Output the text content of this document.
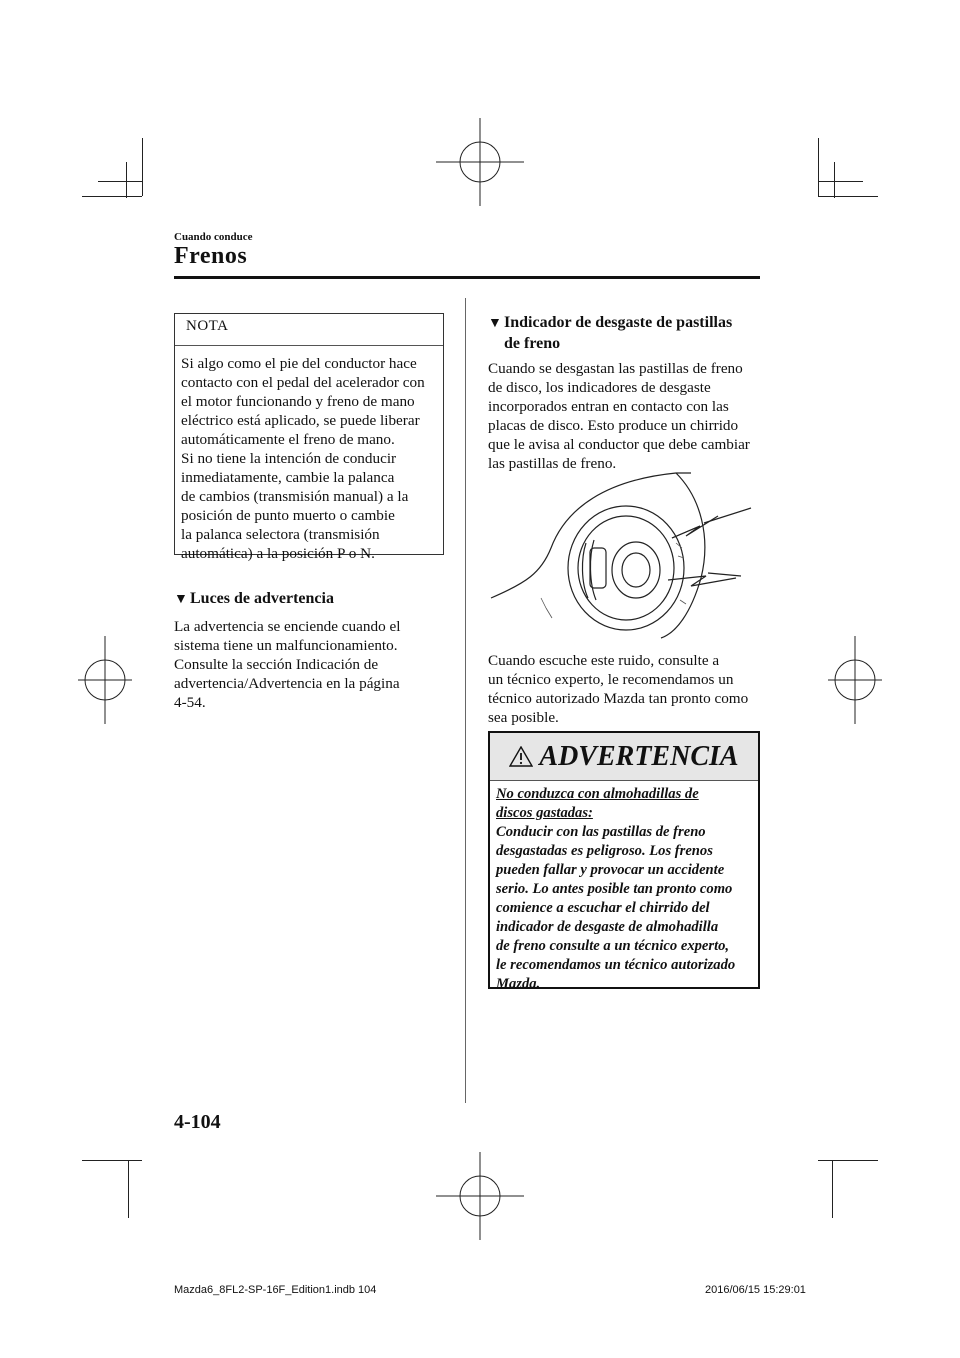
Cuando conduce
Frenos
NOTA
Si algo como el pie del conductor hace
contacto con el pedal del acelerador con
el motor funcionando y freno de mano
eléctrico está aplicado, se puede liberar
automáticamente el freno de mano.
Si no tiene la intención de conducir
inmediatamente, cambie la palanca
de cambios (transmisión manual) a la
posición de punto muerto o cambie
la palanca selectora (transmisión
automática) a la posición P o N.
▼ Luces de advertencia
La advertencia se enciende cuando el
sistema tiene un malfuncionamiento.
Consulte la sección Indicación de
advertencia/Advertencia en la página
4-54.
▼ Indicador de desgaste de pastillas
de freno
Cuando se desgastan las pastillas de freno
de disco, los indicadores de desgaste
incorporados entran en contacto con las
placas de disco. Esto produce un chirrido
que le avisa al conductor que debe cambiar
las pastillas de freno.
Cuando escuche este ruido, consulte a
un técnico experto, le recomendamos un
técnico autorizado Mazda tan pronto como
sea posible.
ADVERTENCIA
No conduzca con almohadillas de
discos gastadas:
Conducir con las pastillas de freno
desgastadas es peligroso. Los frenos
pueden fallar y provocar un accidente
serio. Lo antes posible tan pronto como
comience a escuchar el chirrido del
indicador de desgaste de almohadilla
de freno consulte a un técnico experto,
le recomendamos un técnico autorizado
Mazda.
4-104
Mazda6_8FL2-SP-16F_Edition1.indb 104	2016/06/15 15:29:01
